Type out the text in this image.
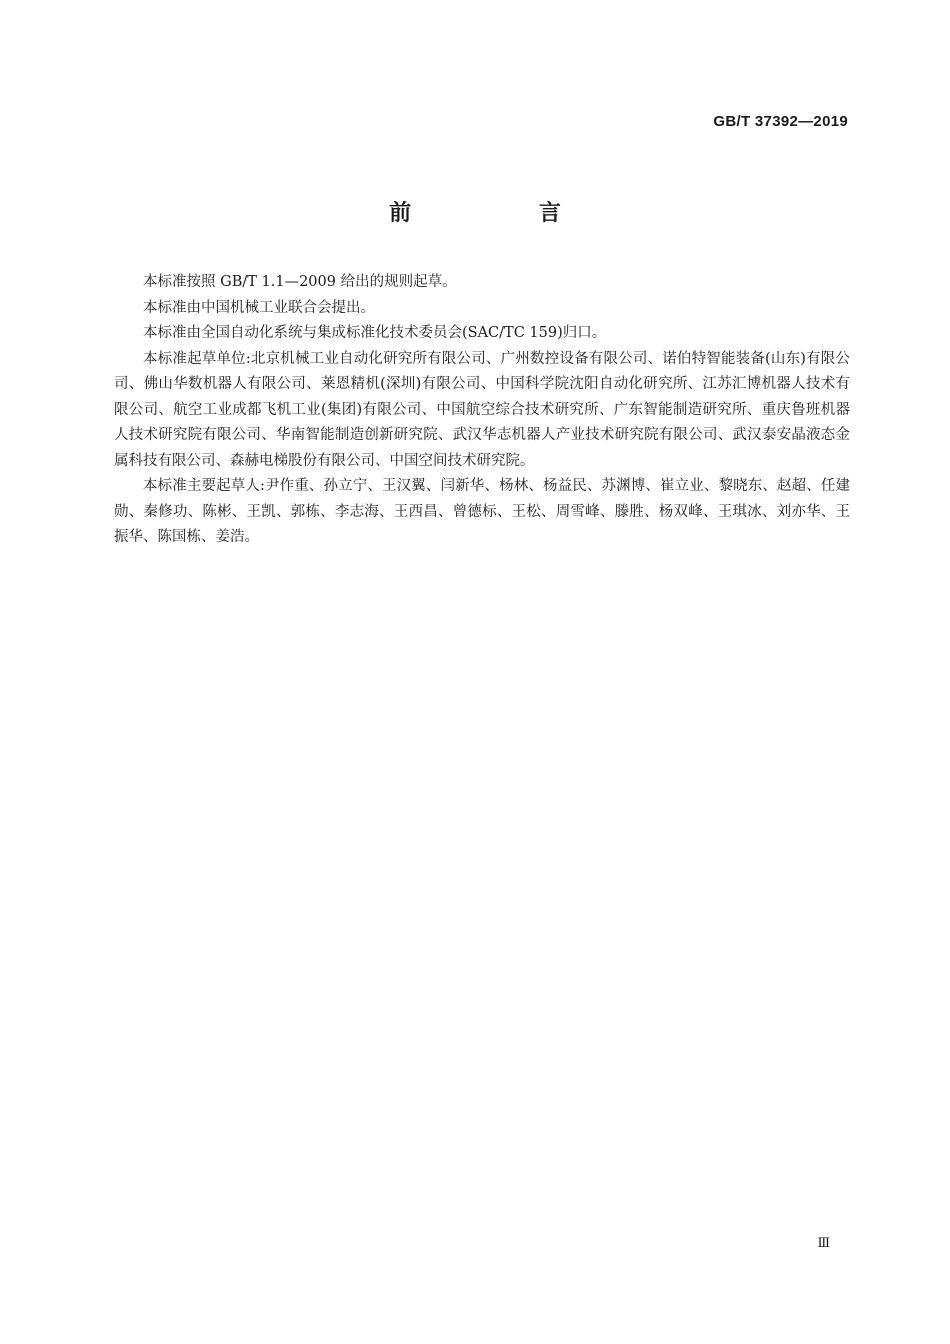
GB/T 37392—2019
前 言

本标准按照 GB/T 1.1—2009 给出的规则起草。

本标准由中国机械工业联合会提出。

本标准由全国自动化系统与集成标准化技术委员会(SAC/TC 159)归口。

本标准起草单位:北京机械工业自动化研究所有限公司、广州数控设备有限公司、诺伯特智能装备(山东)有限公司、佛山华数机器人有限公司、莱恩精机(深圳)有限公司、中国科学院沈阳自动化研究所、江苏汇博机器人技术有限公司、航空工业成都飞机工业(集团)有限公司、中国航空综合技术研究所、广东智能制造研究所、重庆鲁班机器人技术研究院有限公司、华南智能制造创新研究院、武汉华志机器人产业技术研究院有限公司、武汉泰安晶液态金属科技有限公司、森赫电梯股份有限公司、中国空间技术研究院。

本标准主要起草人:尹作重、孙立宁、王汉翼、闫新华、杨林、杨益民、苏渊博、崔立业、黎晓东、赵超、任建勋、秦修功、陈彬、王凯、郭栋、李志海、王西昌、曾德标、王松、周雪峰、滕胜、杨双峰、王琪冰、刘亦华、王振华、陈国栋、姜浩。

Ⅲ
